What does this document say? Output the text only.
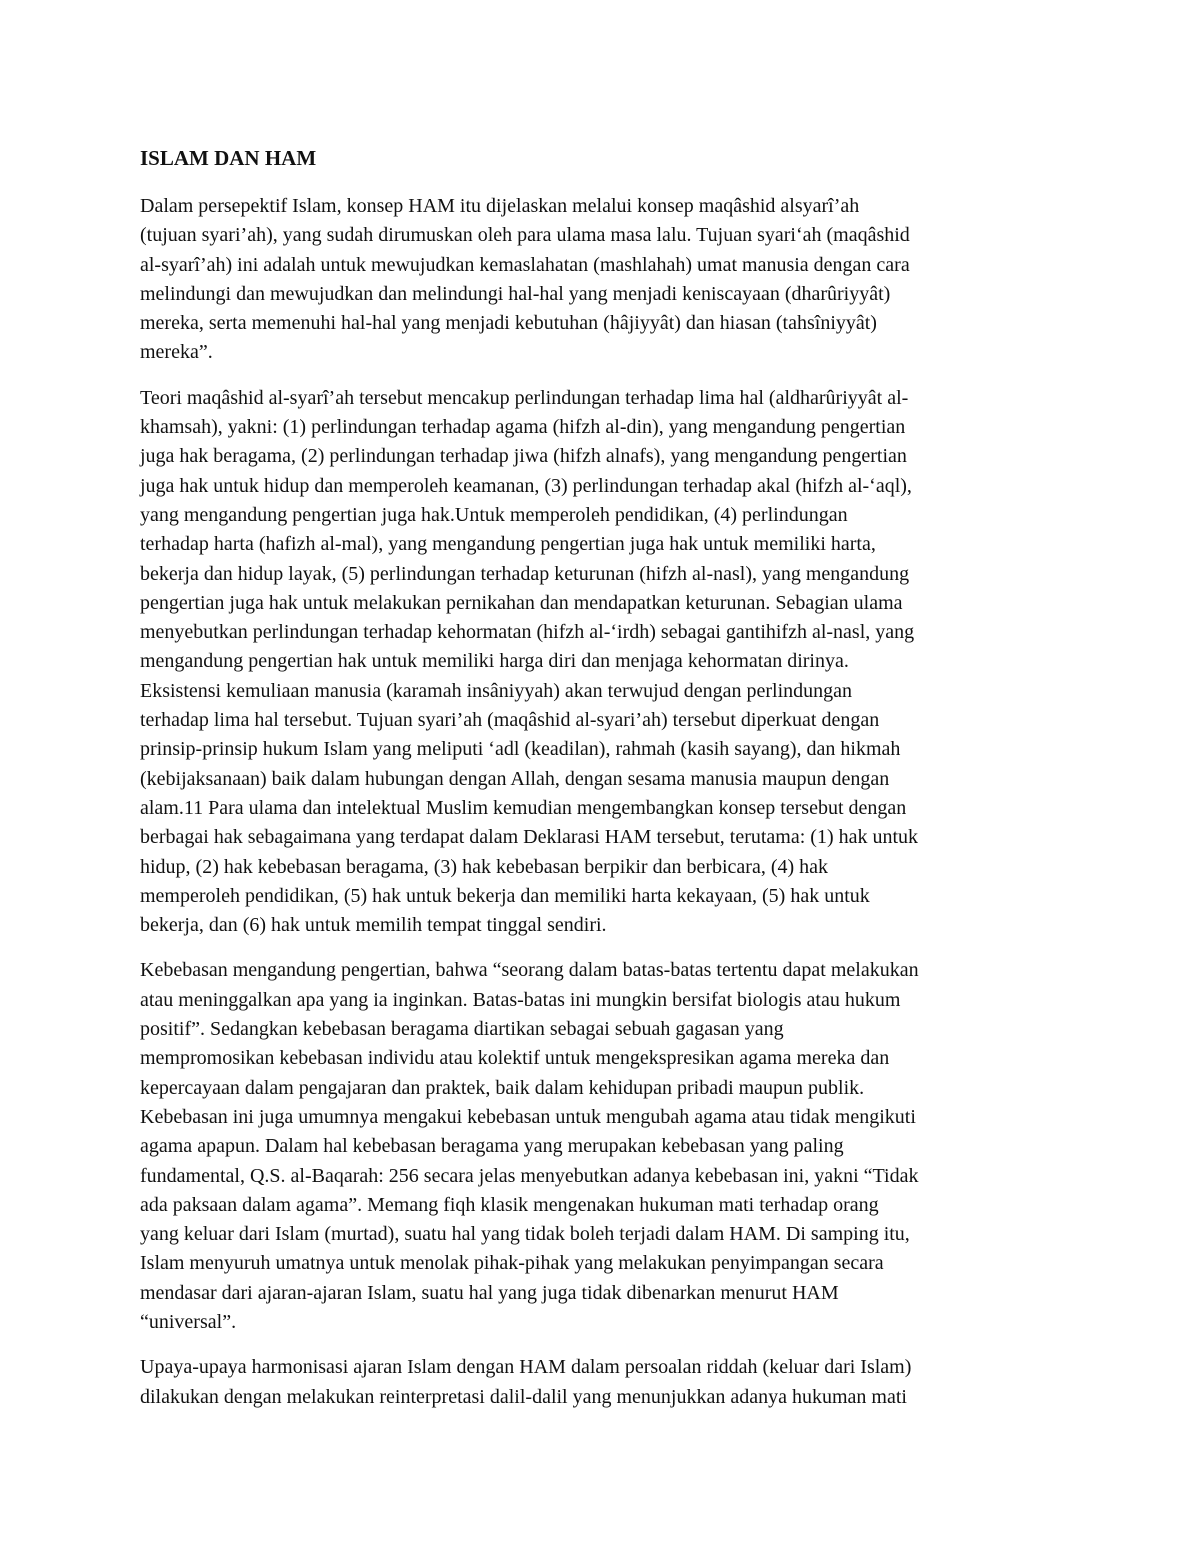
ISLAM DAN HAM
Dalam persepektif Islam, konsep HAM itu dijelaskan melalui konsep maqâshid alsyarî’ah
(tujuan syari’ah), yang sudah dirumuskan oleh para ulama masa lalu. Tujuan syari‘ah (maqâshid
al-syarî’ah) ini adalah untuk mewujudkan kemaslahatan (mashlahah) umat manusia dengan cara
melindungi dan mewujudkan dan melindungi hal-hal yang menjadi keniscayaan (dharûriyyât)
mereka, serta memenuhi hal-hal yang menjadi kebutuhan (hâjiyyât) dan hiasan (tahsîniyyât)
mereka”.
Teori maqâshid al-syarî’ah tersebut mencakup perlindungan terhadap lima hal (aldharûriyyât al-
khamsah), yakni: (1) perlindungan terhadap agama (hifzh al-din), yang mengandung pengertian
juga hak beragama, (2) perlindungan terhadap jiwa (hifzh alnafs), yang mengandung pengertian
juga hak untuk hidup dan memperoleh keamanan, (3) perlindungan terhadap akal (hifzh al-‘aql),
yang mengandung pengertian juga hak.Untuk memperoleh pendidikan, (4) perlindungan
terhadap harta (hafizh al-mal), yang mengandung pengertian juga hak untuk memiliki harta,
bekerja dan hidup layak, (5) perlindungan terhadap keturunan (hifzh al-nasl), yang mengandung
pengertian juga hak untuk melakukan pernikahan dan mendapatkan keturunan. Sebagian ulama
menyebutkan perlindungan terhadap kehormatan (hifzh al-‘irdh) sebagai gantihifzh al-nasl, yang
mengandung pengertian hak untuk memiliki harga diri dan menjaga kehormatan dirinya.
Eksistensi kemuliaan manusia (karamah insâniyyah) akan terwujud dengan perlindungan
terhadap lima hal tersebut. Tujuan syari’ah (maqâshid al-syari’ah) tersebut diperkuat dengan
prinsip-prinsip hukum Islam yang meliputi ‘adl (keadilan), rahmah (kasih sayang), dan hikmah
(kebijaksanaan) baik dalam hubungan dengan Allah, dengan sesama manusia maupun dengan
alam.11 Para ulama dan intelektual Muslim kemudian mengembangkan konsep tersebut dengan
berbagai hak sebagaimana yang terdapat dalam Deklarasi HAM tersebut, terutama: (1) hak untuk
hidup, (2) hak kebebasan beragama, (3) hak kebebasan berpikir dan berbicara, (4) hak
memperoleh pendidikan, (5) hak untuk bekerja dan memiliki harta kekayaan, (5) hak untuk
bekerja, dan (6) hak untuk memilih tempat tinggal sendiri.
Kebebasan mengandung pengertian, bahwa “seorang dalam batas-batas tertentu dapat melakukan
atau meninggalkan apa yang ia inginkan. Batas-batas ini mungkin bersifat biologis atau hukum
positif”. Sedangkan kebebasan beragama diartikan sebagai sebuah gagasan yang
mempromosikan kebebasan individu atau kolektif untuk mengekspresikan agama mereka dan
kepercayaan dalam pengajaran dan praktek, baik dalam kehidupan pribadi maupun publik.
Kebebasan ini juga umumnya mengakui kebebasan untuk mengubah agama atau tidak mengikuti
agama apapun. Dalam hal kebebasan beragama yang merupakan kebebasan yang paling
fundamental, Q.S. al-Baqarah: 256 secara jelas menyebutkan adanya kebebasan ini, yakni “Tidak
ada paksaan dalam agama”. Memang fiqh klasik mengenakan hukuman mati terhadap orang
yang keluar dari Islam (murtad), suatu hal yang tidak boleh terjadi dalam HAM. Di samping itu,
Islam menyuruh umatnya untuk menolak pihak-pihak yang melakukan penyimpangan secara
mendasar dari ajaran-ajaran Islam, suatu hal yang juga tidak dibenarkan menurut HAM
“universal”.
Upaya-upaya harmonisasi ajaran Islam dengan HAM dalam persoalan riddah (keluar dari Islam)
dilakukan dengan melakukan reinterpretasi dalil-dalil yang menunjukkan adanya hukuman mati
